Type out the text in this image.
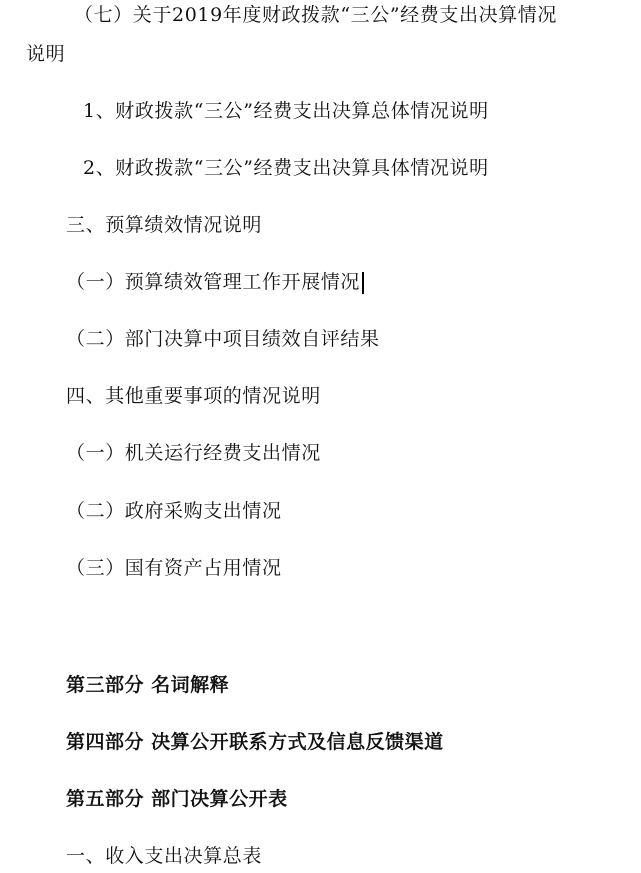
（七）关于2019年度财政拨款“三公”经费支出决算情况
说明
1、财政拨款“三公”经费支出决算总体情况说明
2、财政拨款“三公”经费支出决算具体情况说明
三、预算绩效情况说明
（一）预算绩效管理工作开展情况
（二）部门决算中项目绩效自评结果
四、其他重要事项的情况说明
（一）机关运行经费支出情况
（二）政府采购支出情况
（三）国有资产占用情况
第三部分 名词解释
第四部分 决算公开联系方式及信息反馈渠道
第五部分 部门决算公开表
一、收入支出决算总表
